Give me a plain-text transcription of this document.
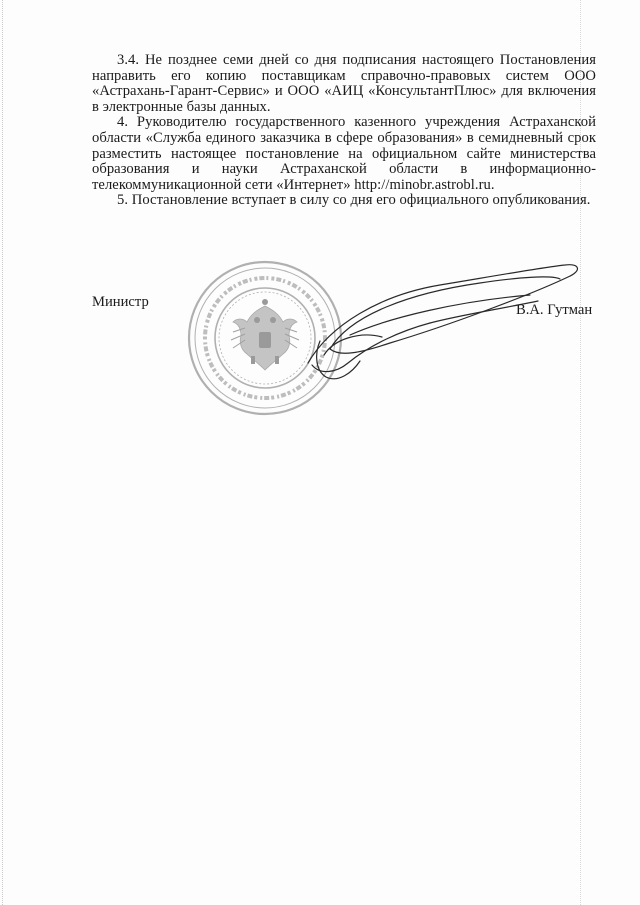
3.4. Не позднее семи дней со дня подписания настоящего Постановления направить его копию поставщикам справочно-правовых систем ООО «Астрахань-Гарант-Сервис» и ООО «АИЦ «КонсультантПлюс» для включения в электронные базы данных.

4. Руководителю государственного казенного учреждения Астраханской области «Служба единого заказчика в сфере образования» в семидневный срок разместить настоящее постановление на официальном сайте министерства образования и науки Астраханской области в информационно-телекоммуникационной сети «Интернет» http://minobr.astrobl.ru.

5. Постановление вступает в силу со дня его официального опубликования.

Министр	В.А. Гутман
